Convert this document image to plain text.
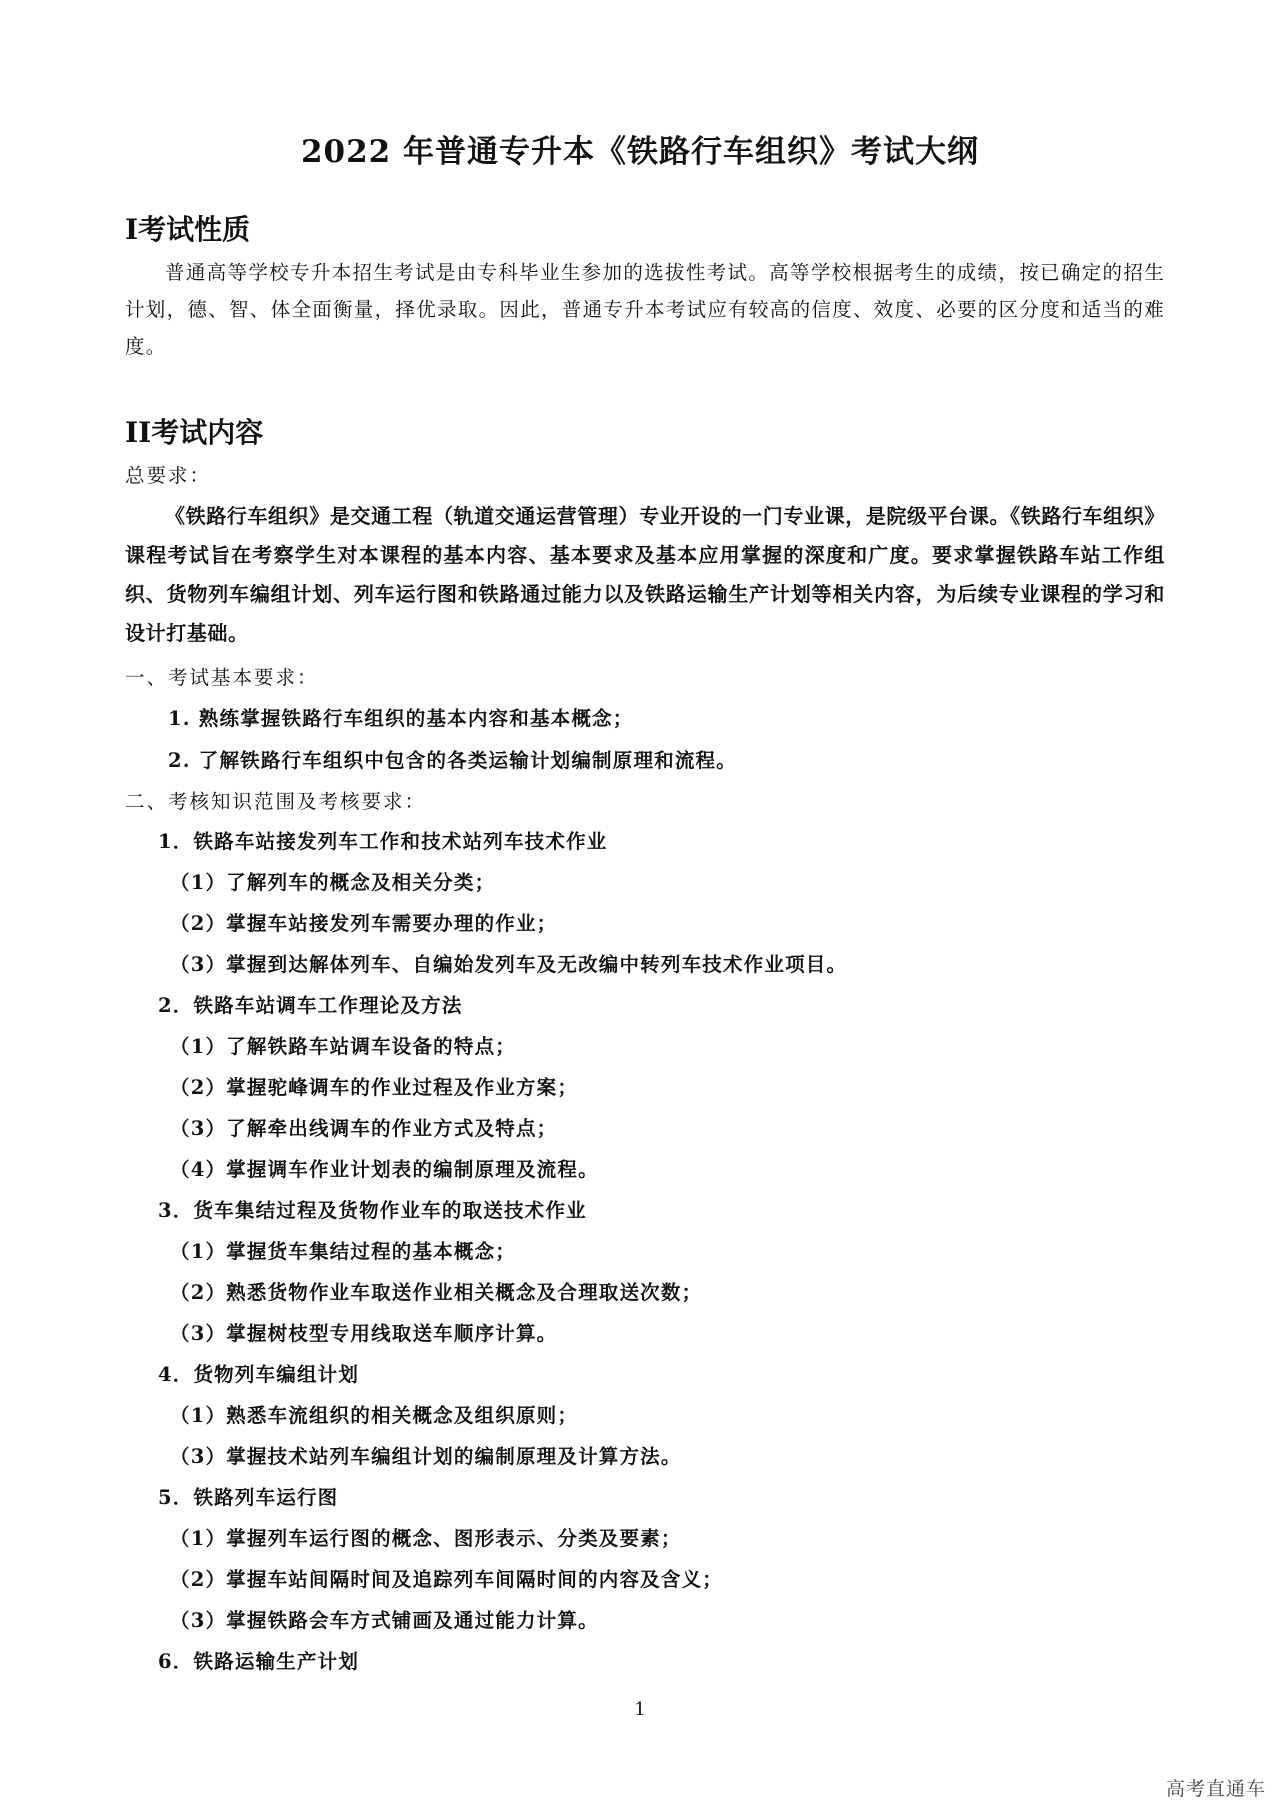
2022 年普通专升本《铁路行车组织》考试大纲
I考试性质
普通高等学校专升本招生考试是由专科毕业生参加的选拔性考试。高等学校根据考生的成绩，按已确定的招生计划，德、智、体全面衡量，择优录取。因此，普通专升本考试应有较高的信度、效度、必要的区分度和适当的难度。
II考试内容
总要求：
《铁路行车组织》是交通工程（轨道交通运营管理）专业开设的一门专业课，是院级平台课。《铁路行车组织》课程考试旨在考察学生对本课程的基本内容、基本要求及基本应用掌握的深度和广度。要求掌握铁路车站工作组织、货物列车编组计划、列车运行图和铁路通过能力以及铁路运输生产计划等相关内容，为后续专业课程的学习和设计打基础。
一、考试基本要求：
1. 熟练掌握铁路行车组织的基本内容和基本概念；
2. 了解铁路行车组织中包含的各类运输计划编制原理和流程。
二、考核知识范围及考核要求：
1．铁路车站接发列车工作和技术站列车技术作业
（1）了解列车的概念及相关分类；
（2）掌握车站接发列车需要办理的作业；
（3）掌握到达解体列车、自编始发列车及无改编中转列车技术作业项目。
2．铁路车站调车工作理论及方法
（1）了解铁路车站调车设备的特点；
（2）掌握驼峰调车的作业过程及作业方案；
（3）了解牵出线调车的作业方式及特点；
（4）掌握调车作业计划表的编制原理及流程。
3．货车集结过程及货物作业车的取送技术作业
（1）掌握货车集结过程的基本概念；
（2）熟悉货物作业车取送作业相关概念及合理取送次数；
（3）掌握树枝型专用线取送车顺序计算。
4．货物列车编组计划
（1）熟悉车流组织的相关概念及组织原则；
（3）掌握技术站列车编组计划的编制原理及计算方法。
5．铁路列车运行图
（1）掌握列车运行图的概念、图形表示、分类及要素；
（2）掌握车站间隔时间及追踪列车间隔时间的内容及含义；
（3）掌握铁路会车方式铺画及通过能力计算。
6．铁路运输生产计划
1
高考直通车
